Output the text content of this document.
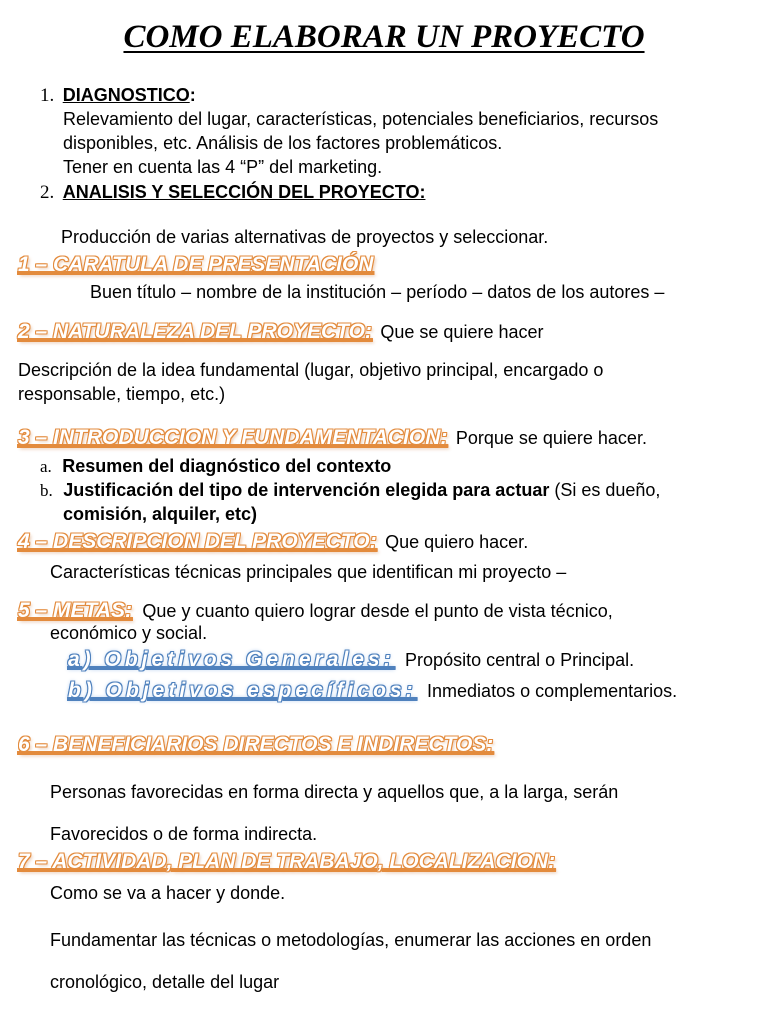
COMO ELABORAR UN PROYECTO
1. DIAGNOSTICO:
Relevamiento del lugar, características, potenciales beneficiarios, recursos
disponibles, etc. Análisis de los factores problemáticos.
Tener en cuenta las 4 “P” del marketing.
2. ANALISIS Y SELECCIÓN DEL PROYECTO:
Producción de varias alternativas de proyectos y seleccionar.
1 – CARATULA DE PRESENTACIÓN
Buen título – nombre de la institución – período – datos de los autores –
2 – NATURALEZA DEL PROYECTO: Que se quiere hacer
Descripción de la idea fundamental (lugar, objetivo principal, encargado o
responsable, tiempo, etc.)
3 – INTRODUCCION Y FUNDAMENTACION: Porque se quiere hacer.
a. Resumen del diagnóstico del contexto
b. Justificación del tipo de intervención elegida para actuar (Si es dueño,
comisión, alquiler, etc)
4 – DESCRIPCION DEL PROYECTO: Que quiero hacer.
Características técnicas principales que identifican mi proyecto –
5 – METAS: Que y cuanto quiero lograr desde el punto de vista técnico,
económico y social.
a) Objetivos Generales: Propósito central o Principal.
b) Objetivos específicos: Inmediatos o complementarios.
6 – BENEFICIARIOS DIRECTOS E INDIRECTOS:
Personas favorecidas en forma directa y aquellos que, a la larga, serán
Favorecidos o de forma indirecta.
7 – ACTIVIDAD, PLAN DE TRABAJO, LOCALIZACION:
Como se va a hacer y donde.
Fundamentar las técnicas o metodologías, enumerar las acciones en orden
cronológico, detalle del lugar
